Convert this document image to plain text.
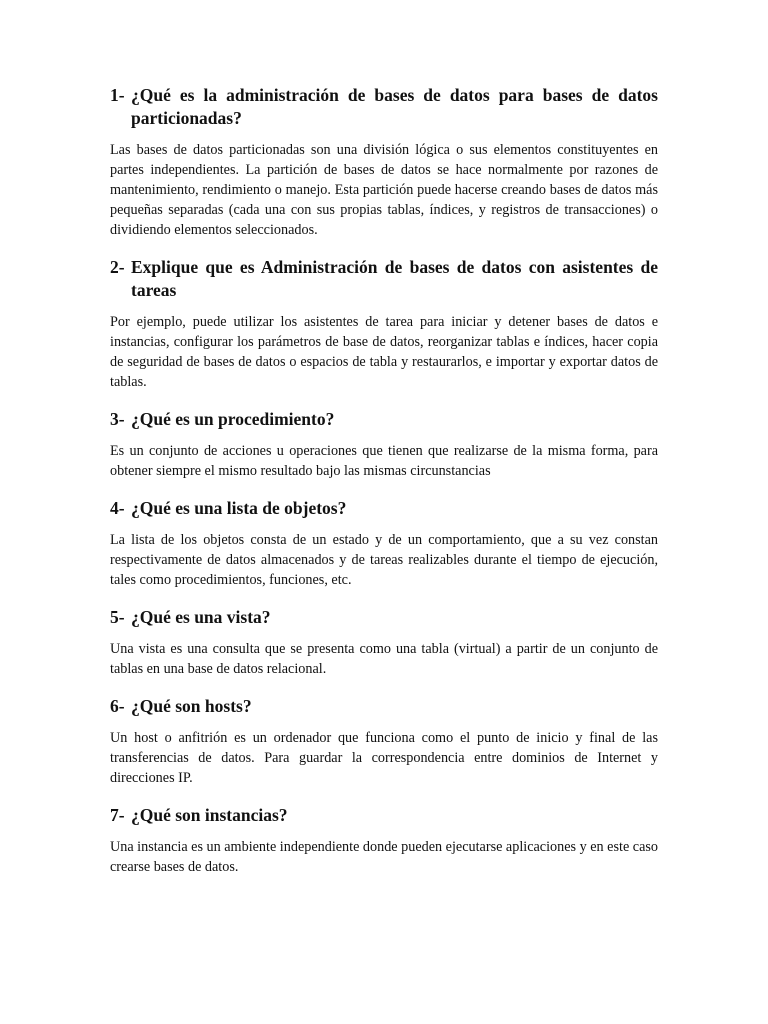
1- ¿Qué es la administración de bases de datos para bases de datos particionadas?

Las bases de datos particionadas son una división lógica o sus elementos constituyentes en partes independientes. La partición de bases de datos se hace normalmente por razones de mantenimiento, rendimiento o manejo. Esta partición puede hacerse creando bases de datos más pequeñas separadas (cada una con sus propias tablas, índices, y registros de transacciones) o dividiendo elementos seleccionados.

2- Explique que es Administración de bases de datos con asistentes de tareas

Por ejemplo, puede utilizar los asistentes de tarea para iniciar y detener bases de datos e instancias, configurar los parámetros de base de datos, reorganizar tablas e índices, hacer copia de seguridad de bases de datos o espacios de tabla y restaurarlos, e importar y exportar datos de tablas.

3- ¿Qué es un procedimiento?

Es un conjunto de acciones u operaciones que tienen que realizarse de la misma forma, para obtener siempre el mismo resultado bajo las mismas circunstancias

4- ¿Qué es una lista de objetos?

La lista de los objetos consta de un estado y de un comportamiento, que a su vez constan respectivamente de datos almacenados y de tareas realizables durante el tiempo de ejecución, tales como procedimientos, funciones, etc.

5- ¿Qué es una vista?

Una vista es una consulta que se presenta como una tabla (virtual) a partir de un conjunto de tablas en una base de datos relacional.

6- ¿Qué son hosts?

Un host o anfitrión es un ordenador que funciona como el punto de inicio y final de las transferencias de datos. Para guardar la correspondencia entre dominios de Internet y direcciones IP.

7- ¿Qué son instancias?

Una instancia es un ambiente independiente donde pueden ejecutarse aplicaciones y en este caso crearse bases de datos.
